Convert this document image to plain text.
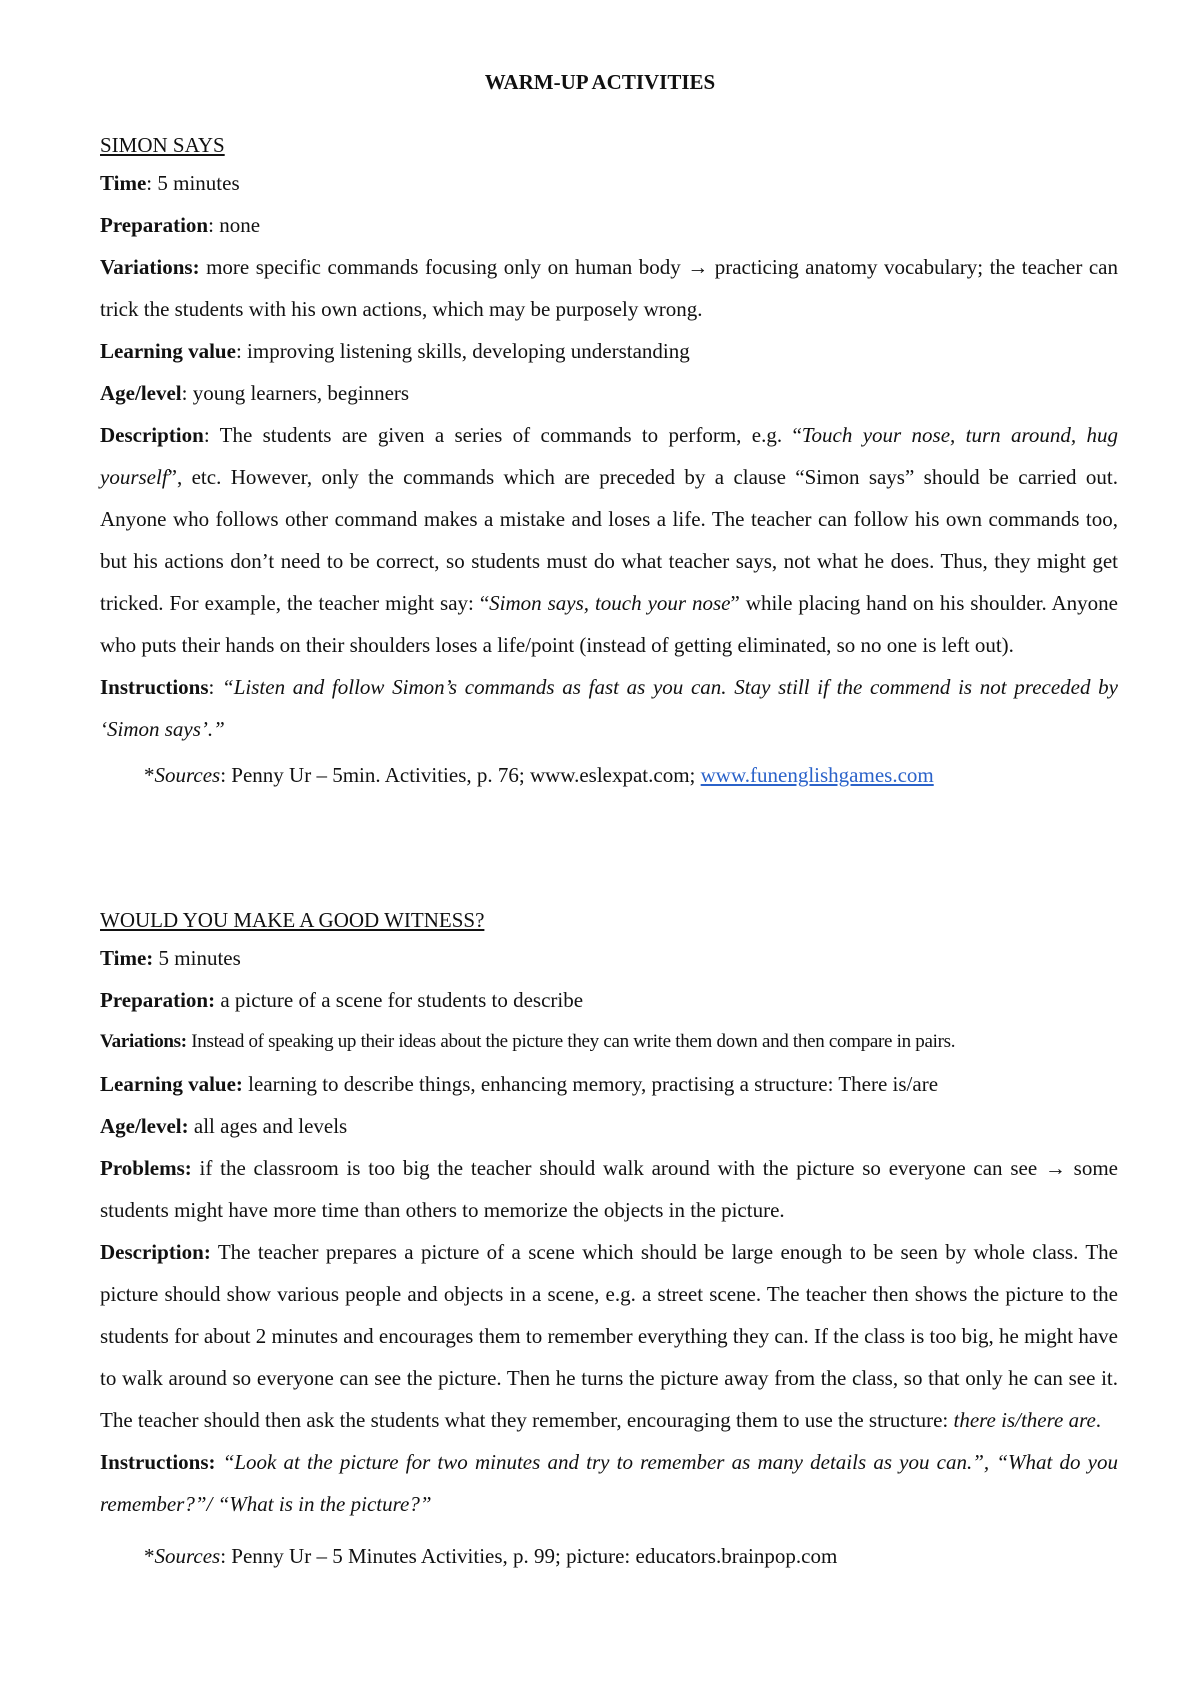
WARM-UP ACTIVITIES
SIMON SAYS

Time: 5 minutes

Preparation: none

Variations: more specific commands focusing only on human body → practicing anatomy vocabulary; the teacher can trick the students with his own actions, which may be purposely wrong.

Learning value: improving listening skills, developing understanding

Age/level: young learners, beginners

Description: The students are given a series of commands to perform, e.g. “Touch your nose, turn around, hug yourself”, etc. However, only the commands which are preceded by a clause “Simon says” should be carried out. Anyone who follows other command makes a mistake and loses a life. The teacher can follow his own commands too, but his actions don’t need to be correct, so students must do what teacher says, not what he does. Thus, they might get tricked. For example, the teacher might say: “Simon says, touch your nose” while placing hand on his shoulder. Anyone who puts their hands on their shoulders loses a life/point (instead of getting eliminated, so no one is left out).

Instructions: “Listen and follow Simon’s commands as fast as you can. Stay still if the commend is not preceded by ‘Simon says’.”

*Sources: Penny Ur – 5min. Activities, p. 76; www.eslexpat.com; www.funenglishgames.com
WOULD YOU MAKE A GOOD WITNESS?

Time: 5 minutes

Preparation: a picture of a scene for students to describe

Variations: Instead of speaking up their ideas about the picture they can write them down and then compare in pairs.

Learning value: learning to describe things, enhancing memory, practising a structure: There is/are

Age/level: all ages and levels

Problems: if the classroom is too big the teacher should walk around with the picture so everyone can see → some students might have more time than others to memorize the objects in the picture.

Description: The teacher prepares a picture of a scene which should be large enough to be seen by whole class. The picture should show various people and objects in a scene, e.g. a street scene. The teacher then shows the picture to the students for about 2 minutes and encourages them to remember everything they can. If the class is too big, he might have to walk around so everyone can see the picture. Then he turns the picture away from the class, so that only he can see it. The teacher should then ask the students what they remember, encouraging them to use the structure: there is/there are.

Instructions: “Look at the picture for two minutes and try to remember as many details as you can.”, “What do you remember?”/ “What is in the picture?”

*Sources: Penny Ur – 5 Minutes Activities, p. 99; picture: educators.brainpop.com
